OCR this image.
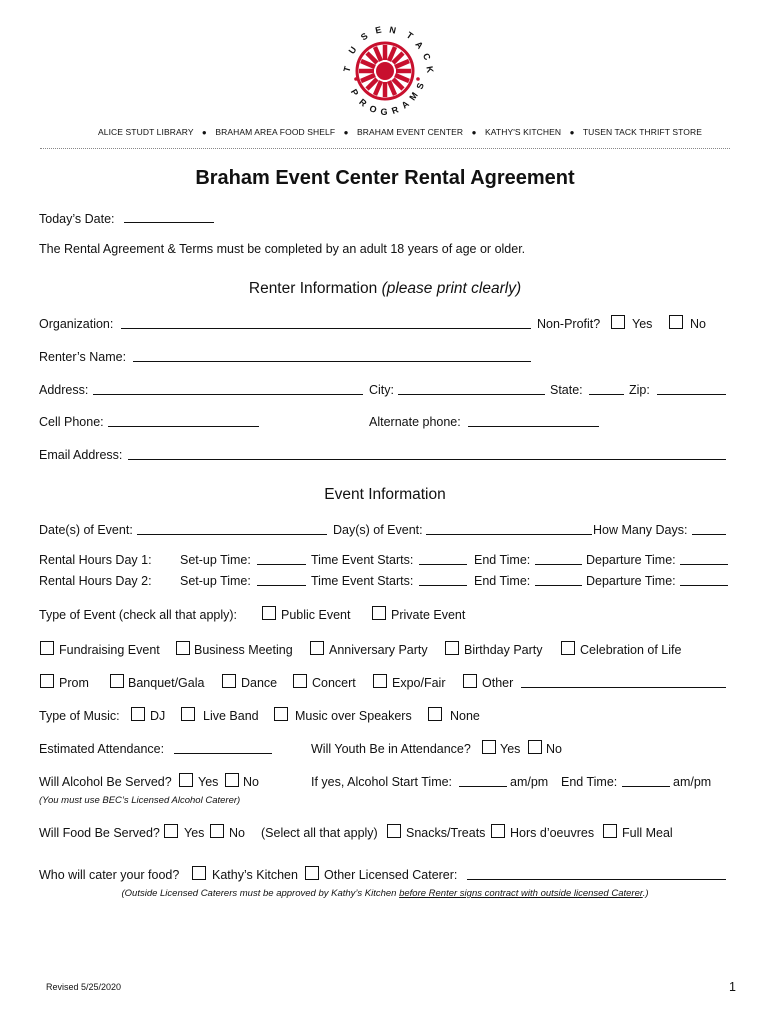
T
U
S
E N T
A
C
K
P
R
O G R A
M
S
ALICE STUDT LIBRARY ● BRAHAM AREA FOOD SHELF ● BRAHAM EVENT CENTER ● KATHY'S KITCHEN ● TUSEN TACK THRIFT STORE
Braham Event Center Rental Agreement
Today’s Date:
The Rental Agreement & Terms must be completed by an adult 18 years of age or older.
Renter Information (please print clearly)
Organization:	Non-Profit?	Yes	No
Renter’s Name:
Address:	City:	State:	Zip:
Cell Phone:	Alternate phone:
Email Address:
Event Information
Date(s) of Event:	Day(s) of Event:	How Many Days:
Rental Hours Day 1: Set-up Time:	Time Event Starts:	End Time:	Departure Time:
Rental Hours Day 2: Set-up Time:	Time Event Starts:	End Time:	Departure Time:
Type of Event (check all that apply):	Public Event	Private Event
Fundraising Event	Business Meeting	Anniversary Party	Birthday Party	Celebration of Life
Prom	Banquet/Gala	Dance	Concert	Expo/Fair	Other
Type of Music: DJ	Live Band	Music over Speakers	None
Estimated Attendance:	Will Youth Be in Attendance? Yes No
Will Alcohol Be Served? Yes No	If yes, Alcohol Start Time:	am/pm End Time:	am/pm
(You must use BEC’s Licensed Alcohol Caterer)
Will Food Be Served? Yes No (Select all that apply) Snacks/Treats Hors d’oeuvres Full Meal
Who will cater your food?	Kathy’s Kitchen Other Licensed Caterer:
(Outside Licensed Caterers must be approved by Kathy’s Kitchen before Renter signs contract with outside licensed Caterer.)
Revised 5/25/2020	1
